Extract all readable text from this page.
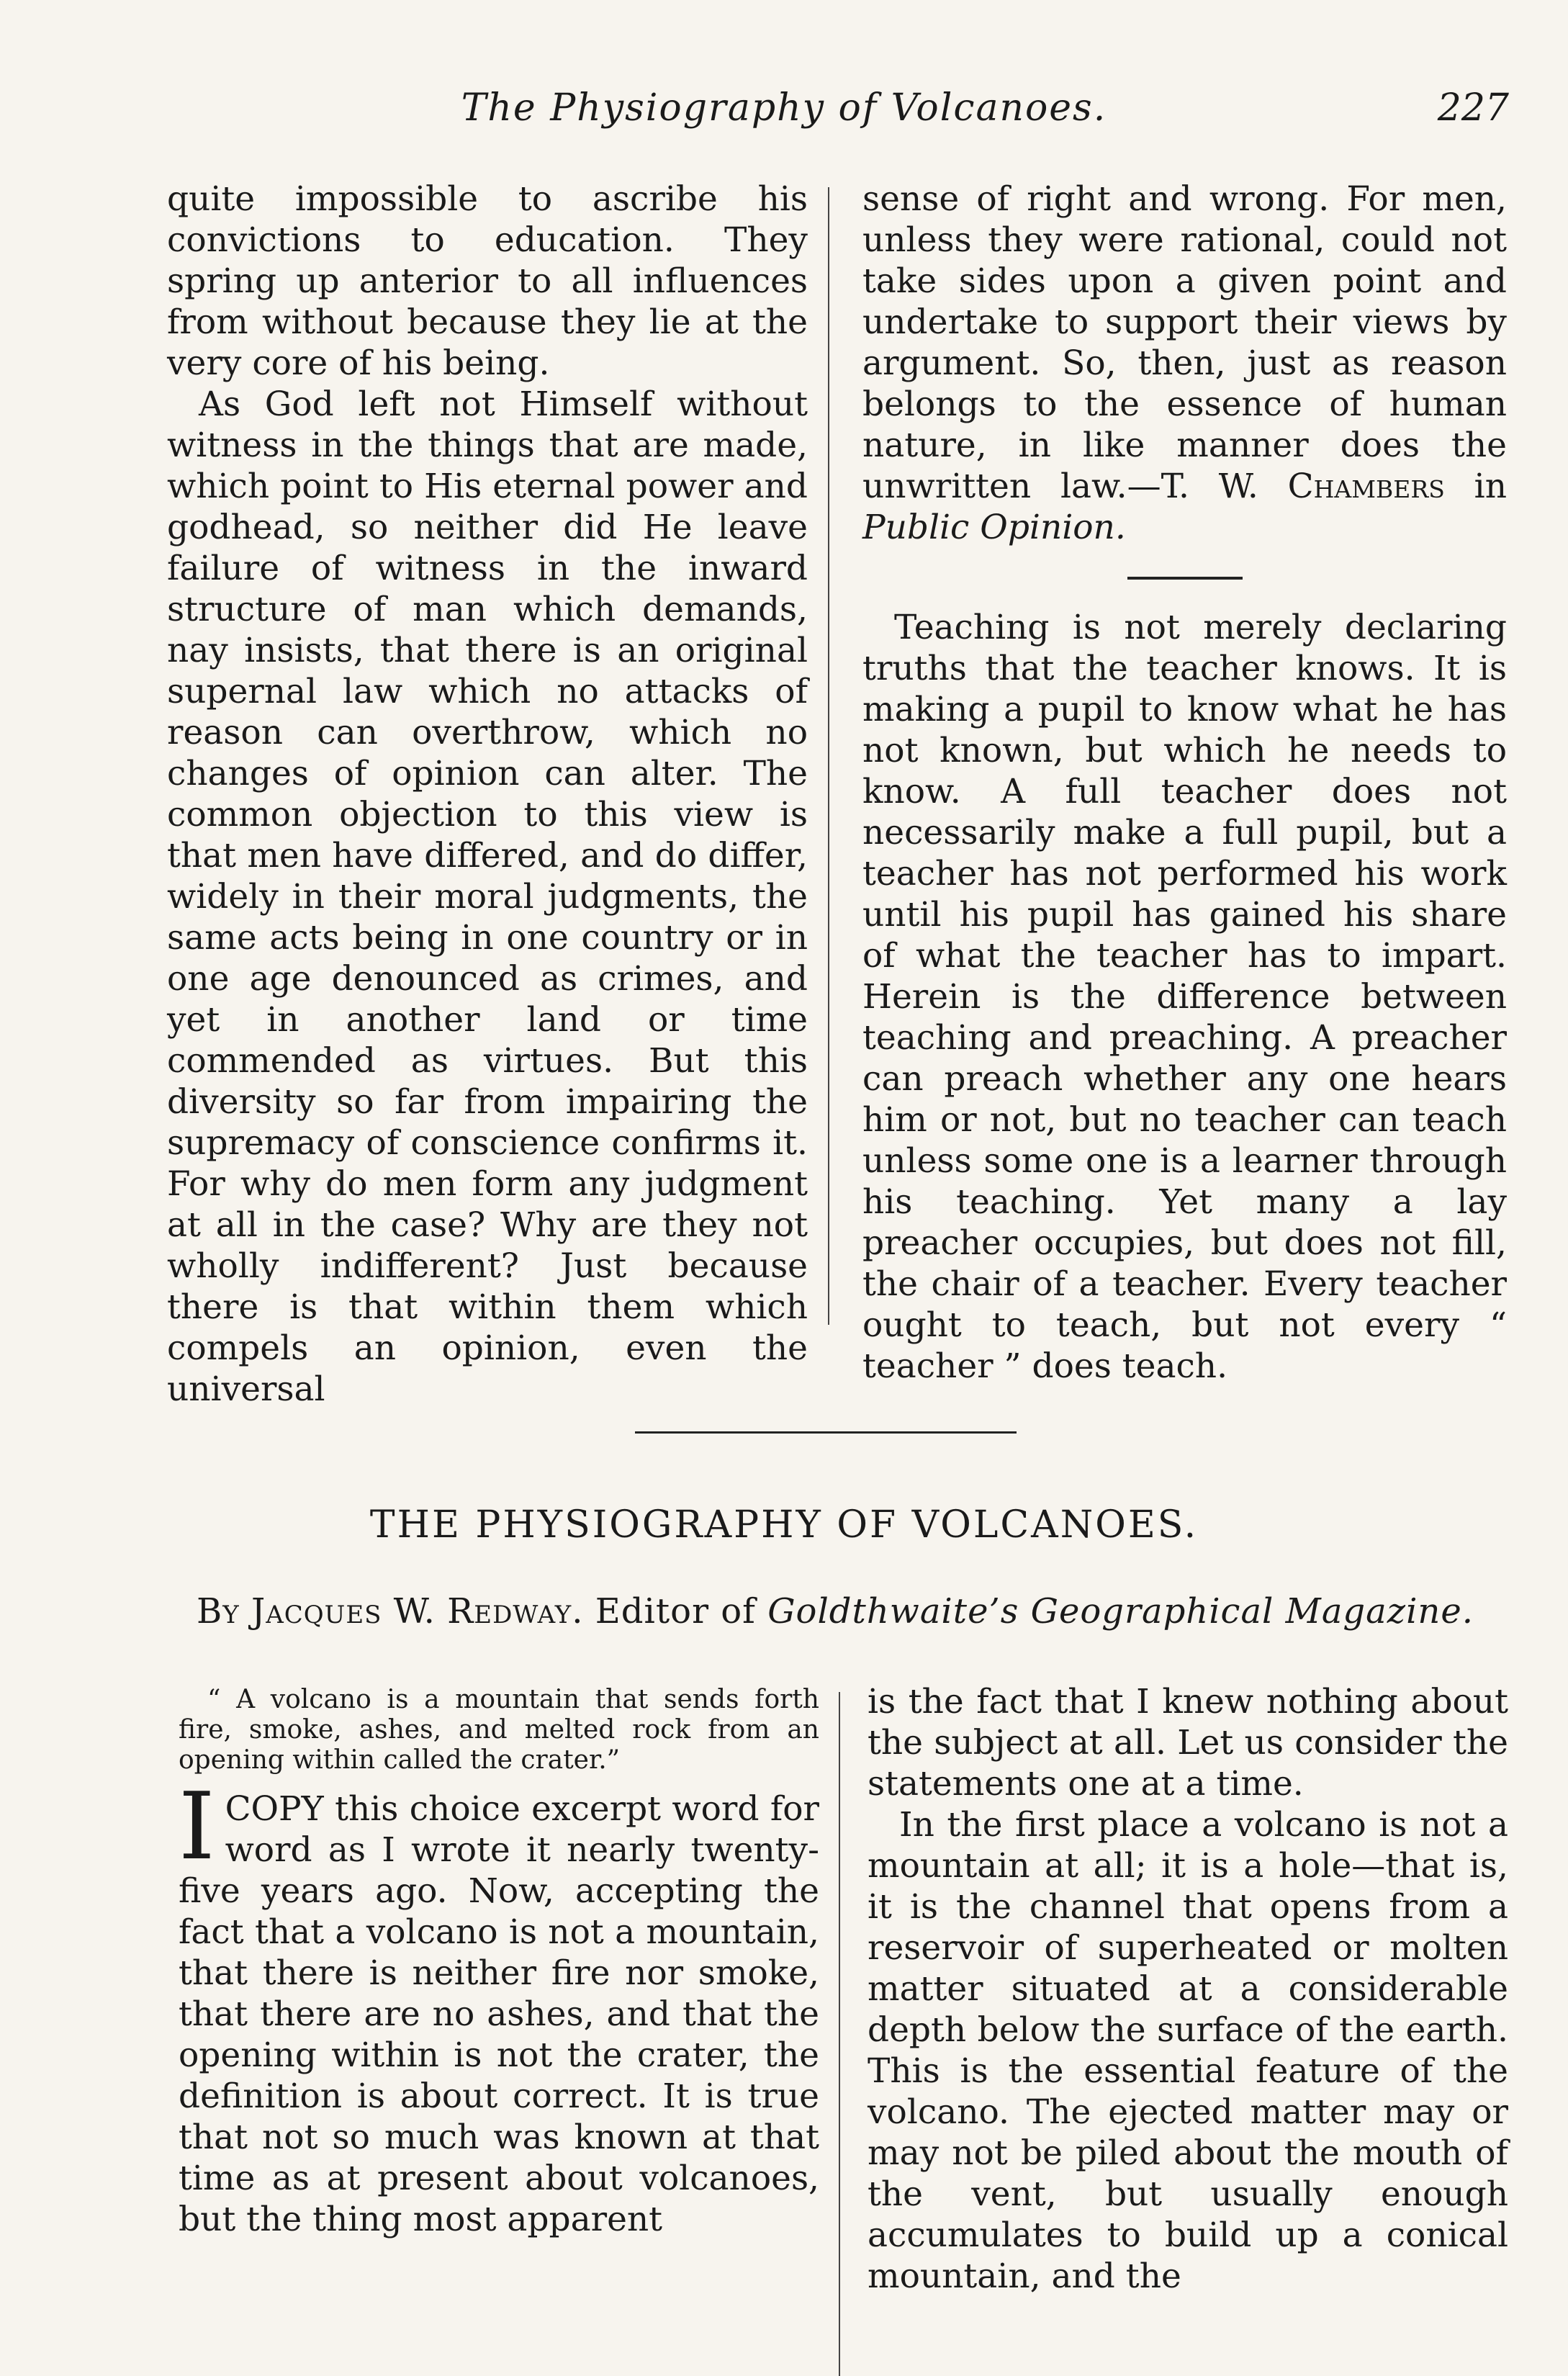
The Physiography of Volcanoes.	227

quite impossible to ascribe his convictions to education. They spring up anterior to all influences from without because they lie at the very core of his being.

As God left not Himself without witness in the things that are made, which point to His eternal power and godhead, so neither did He leave failure of witness in the inward structure of man which demands, nay insists, that there is an original supernal law which no attacks of reason can overthrow, which no changes of opinion can alter. The common objection to this view is that men have differed, and do differ, widely in their moral judgments, the same acts being in one country or in one age denounced as crimes, and yet in another land or time commended as virtues. But this diversity so far from impairing the supremacy of conscience confirms it. For why do men form any judgment at all in the case? Why are they not wholly indifferent? Just because there is that within them which compels an opinion, even the universal

sense of right and wrong. For men, unless they were rational, could not take sides upon a given point and undertake to support their views by argument. So, then, just as reason belongs to the essence of human nature, in like manner does the unwritten law.—T. W. Chambers in Public Opinion.

Teaching is not merely declaring truths that the teacher knows. It is making a pupil to know what he has not known, but which he needs to know. A full teacher does not necessarily make a full pupil, but a teacher has not performed his work until his pupil has gained his share of what the teacher has to impart. Herein is the difference between teaching and preaching. A preacher can preach whether any one hears him or not, but no teacher can teach unless some one is a learner through his teaching. Yet many a lay preacher occupies, but does not fill, the chair of a teacher. Every teacher ought to teach, but not every “ teacher ” does teach.

THE PHYSIOGRAPHY OF VOLCANOES.
By Jacques W. Redway. Editor of Goldthwaite’s Geographical Magazine.

“ A volcano is a mountain that sends forth fire, smoke, ashes, and melted rock from an opening within called the crater.”

ICOPY this choice excerpt word for word as I wrote it nearly twenty-five years ago. Now, accepting the fact that a volcano is not a mountain, that there is neither fire nor smoke, that there are no ashes, and that the opening within is not the crater, the definition is about correct. It is true that not so much was known at that time as at present about volcanoes, but the thing most apparent

is the fact that I knew nothing about the subject at all. Let us consider the statements one at a time.

In the first place a volcano is not a mountain at all; it is a hole—that is, it is the channel that opens from a reservoir of superheated or molten matter situated at a considerable depth below the surface of the earth. This is the essential feature of the volcano. The ejected matter may or may not be piled about the mouth of the vent, but usually enough accumulates to build up a conical mountain, and the
